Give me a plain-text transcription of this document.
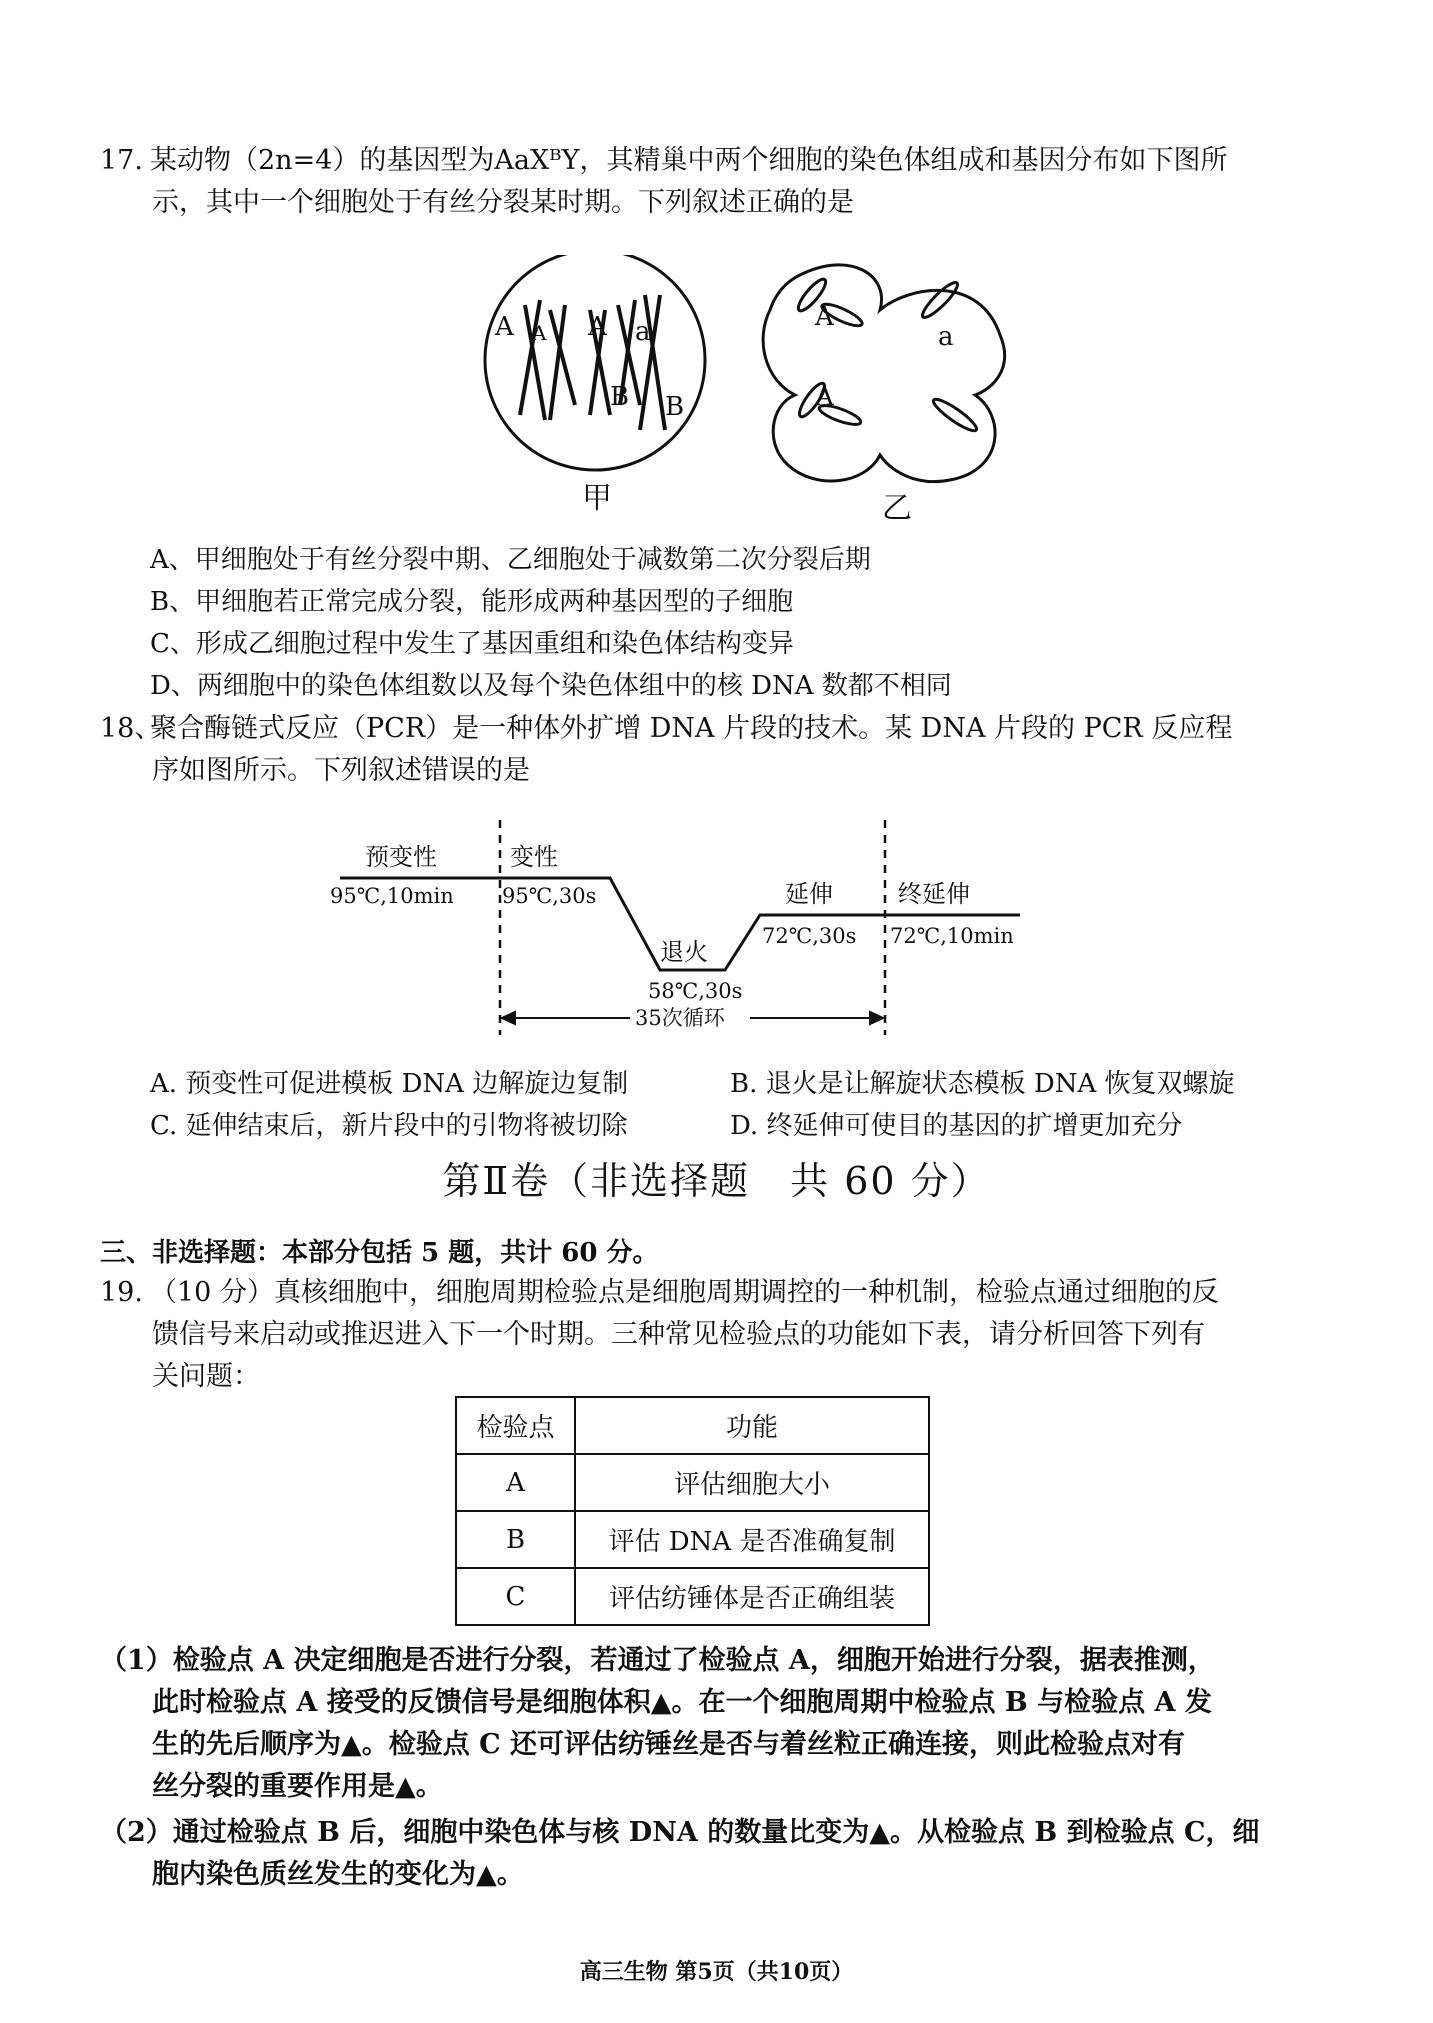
17. 某动物（2n=4）的基因型为AaXᴮY，其精巢中两个细胞的染色体组成和基因分布如下图所
示，其中一个细胞处于有丝分裂某时期。下列叙述正确的是
A A A a
B B
甲
A
a
A
乙
A、甲细胞处于有丝分裂中期、乙细胞处于减数第二次分裂后期
B、甲细胞若正常完成分裂，能形成两种基因型的子细胞
C、形成乙细胞过程中发生了基因重组和染色体结构变异
D、两细胞中的染色体组数以及每个染色体组中的核 DNA 数都不相同
18、聚合酶链式反应（PCR）是一种体外扩增 DNA 片段的技术。某 DNA 片段的 PCR 反应程
序如图所示。下列叙述错误的是
预变性
95℃,10min
变性
95℃,30s
退火
58℃,30s
延伸
72℃,30s
终延伸
72℃,10min
35次循环
A. 预变性可促进模板 DNA 边解旋边复制	B. 退火是让解旋状态模板 DNA 恢复双螺旋
C. 延伸结束后，新片段中的引物将被切除	D. 终延伸可使目的基因的扩增更加充分
第Ⅱ卷（非选择题　共 60 分）
三、非选择题：本部分包括 5 题，共计 60 分。
19. （10 分）真核细胞中，细胞周期检验点是细胞周期调控的一种机制，检验点通过细胞的反
馈信号来启动或推迟进入下一个时期。三种常见检验点的功能如下表，请分析回答下列有
关问题：
检验点	功能
A	评估细胞大小
B	评估 DNA 是否准确复制
C	评估纺锤体是否正确组装
（1）检验点 A 决定细胞是否进行分裂，若通过了检验点 A，细胞开始进行分裂，据表推测，
此时检验点 A 接受的反馈信号是细胞体积▲。在一个细胞周期中检验点 B 与检验点 A 发
生的先后顺序为▲。检验点 C 还可评估纺锤丝是否与着丝粒正确连接，则此检验点对有
丝分裂的重要作用是▲。
（2）通过检验点 B 后，细胞中染色体与核 DNA 的数量比变为▲。从检验点 B 到检验点 C，细
胞内染色质丝发生的变化为▲。
高三生物 第5页（共10页）
